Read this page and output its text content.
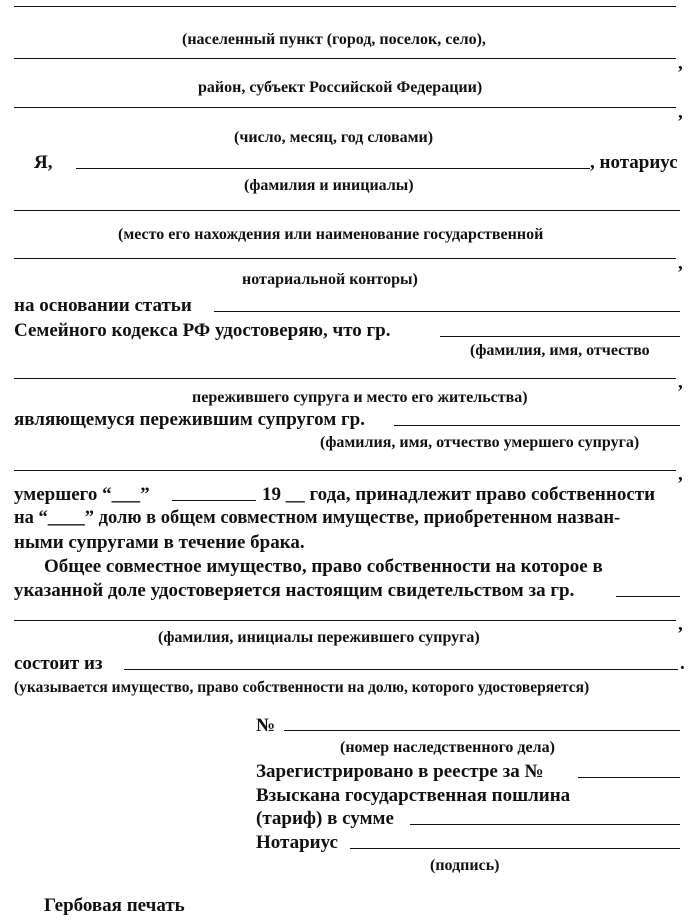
(населенный пункт (город, поселок, село),
,
район, субъект Российской Федерации)
,
(число, месяц, год словами)
Я,	, нотариус
(фамилия и инициалы)
(место его нахождения или наименование государственной
,
нотариальной конторы)
на основании статьи
Семейного кодекса РФ удостоверяю, что гр.
(фамилия, имя, отчество
,
пережившего супруга и место его жительства)
являющемуся пережившим супругом гр.
(фамилия, имя, отчество умершего супруга)
,
умершего “___”	19 __ года, принадлежит право собственности
на “____” долю в общем совместном имуществе, приобретенном назван-
ными супругами в течение брака.
Общее совместное имущество, право собственности на которое в
указанной доле удостоверяется настоящим свидетельством за гр.
,
(фамилия, инициалы пережившего супруга)
состоит из	.
(указывается имущество, право собственности на долю, которого удостоверяется)
№
(номер наследственного дела)
Зарегистрировано в реестре за №
Взыскана государственная пошлина
(тариф) в сумме
Нотариус
(подпись)
Гербовая печать
